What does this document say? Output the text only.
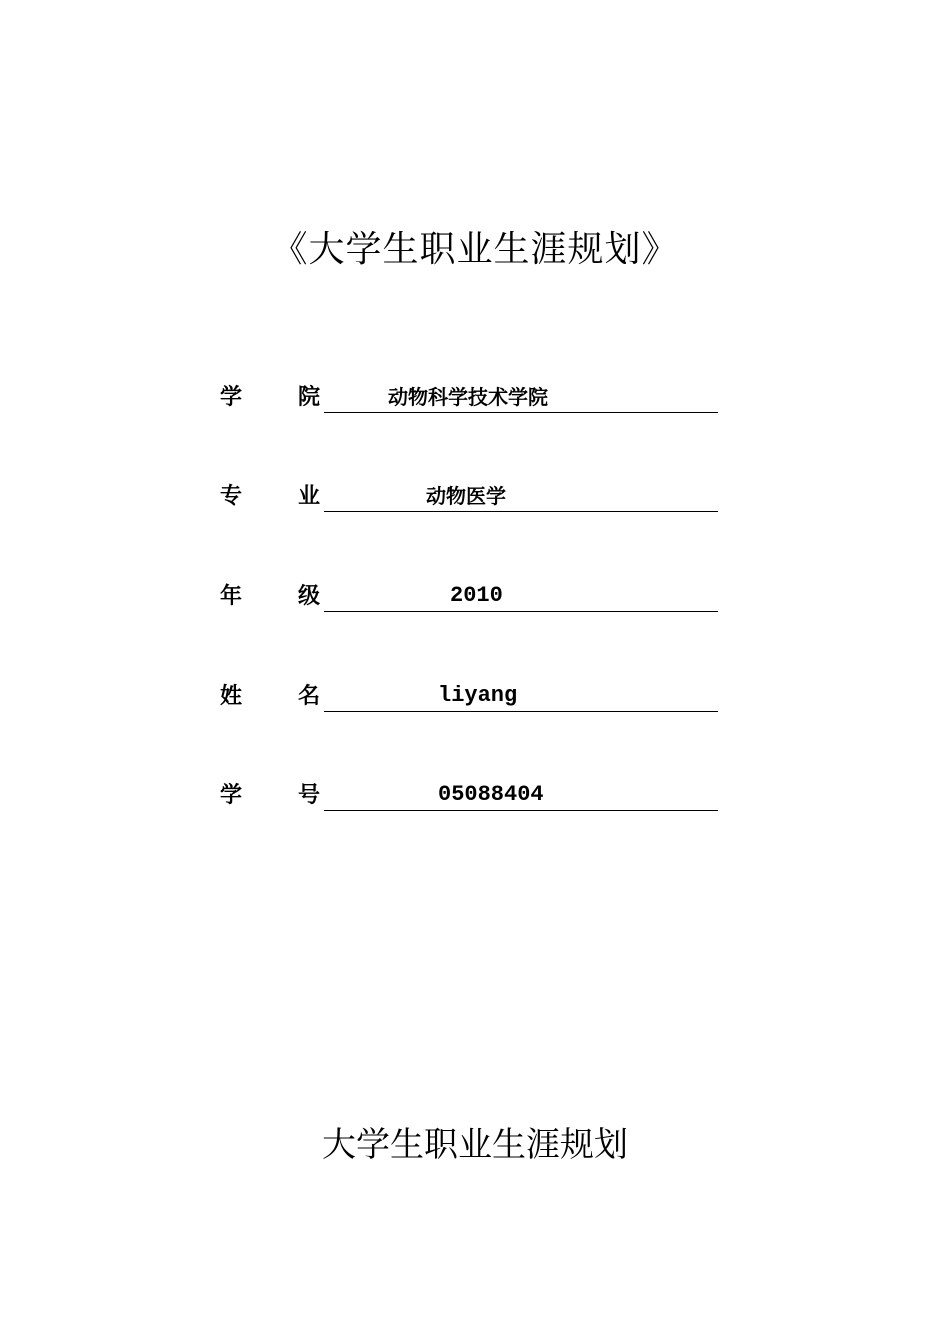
《大学生职业生涯规划》
学	院	动物科学技术学院
专	业	动物医学
年	级	2010
姓	名	liyang
学	号	05088404
大学生职业生涯规划
